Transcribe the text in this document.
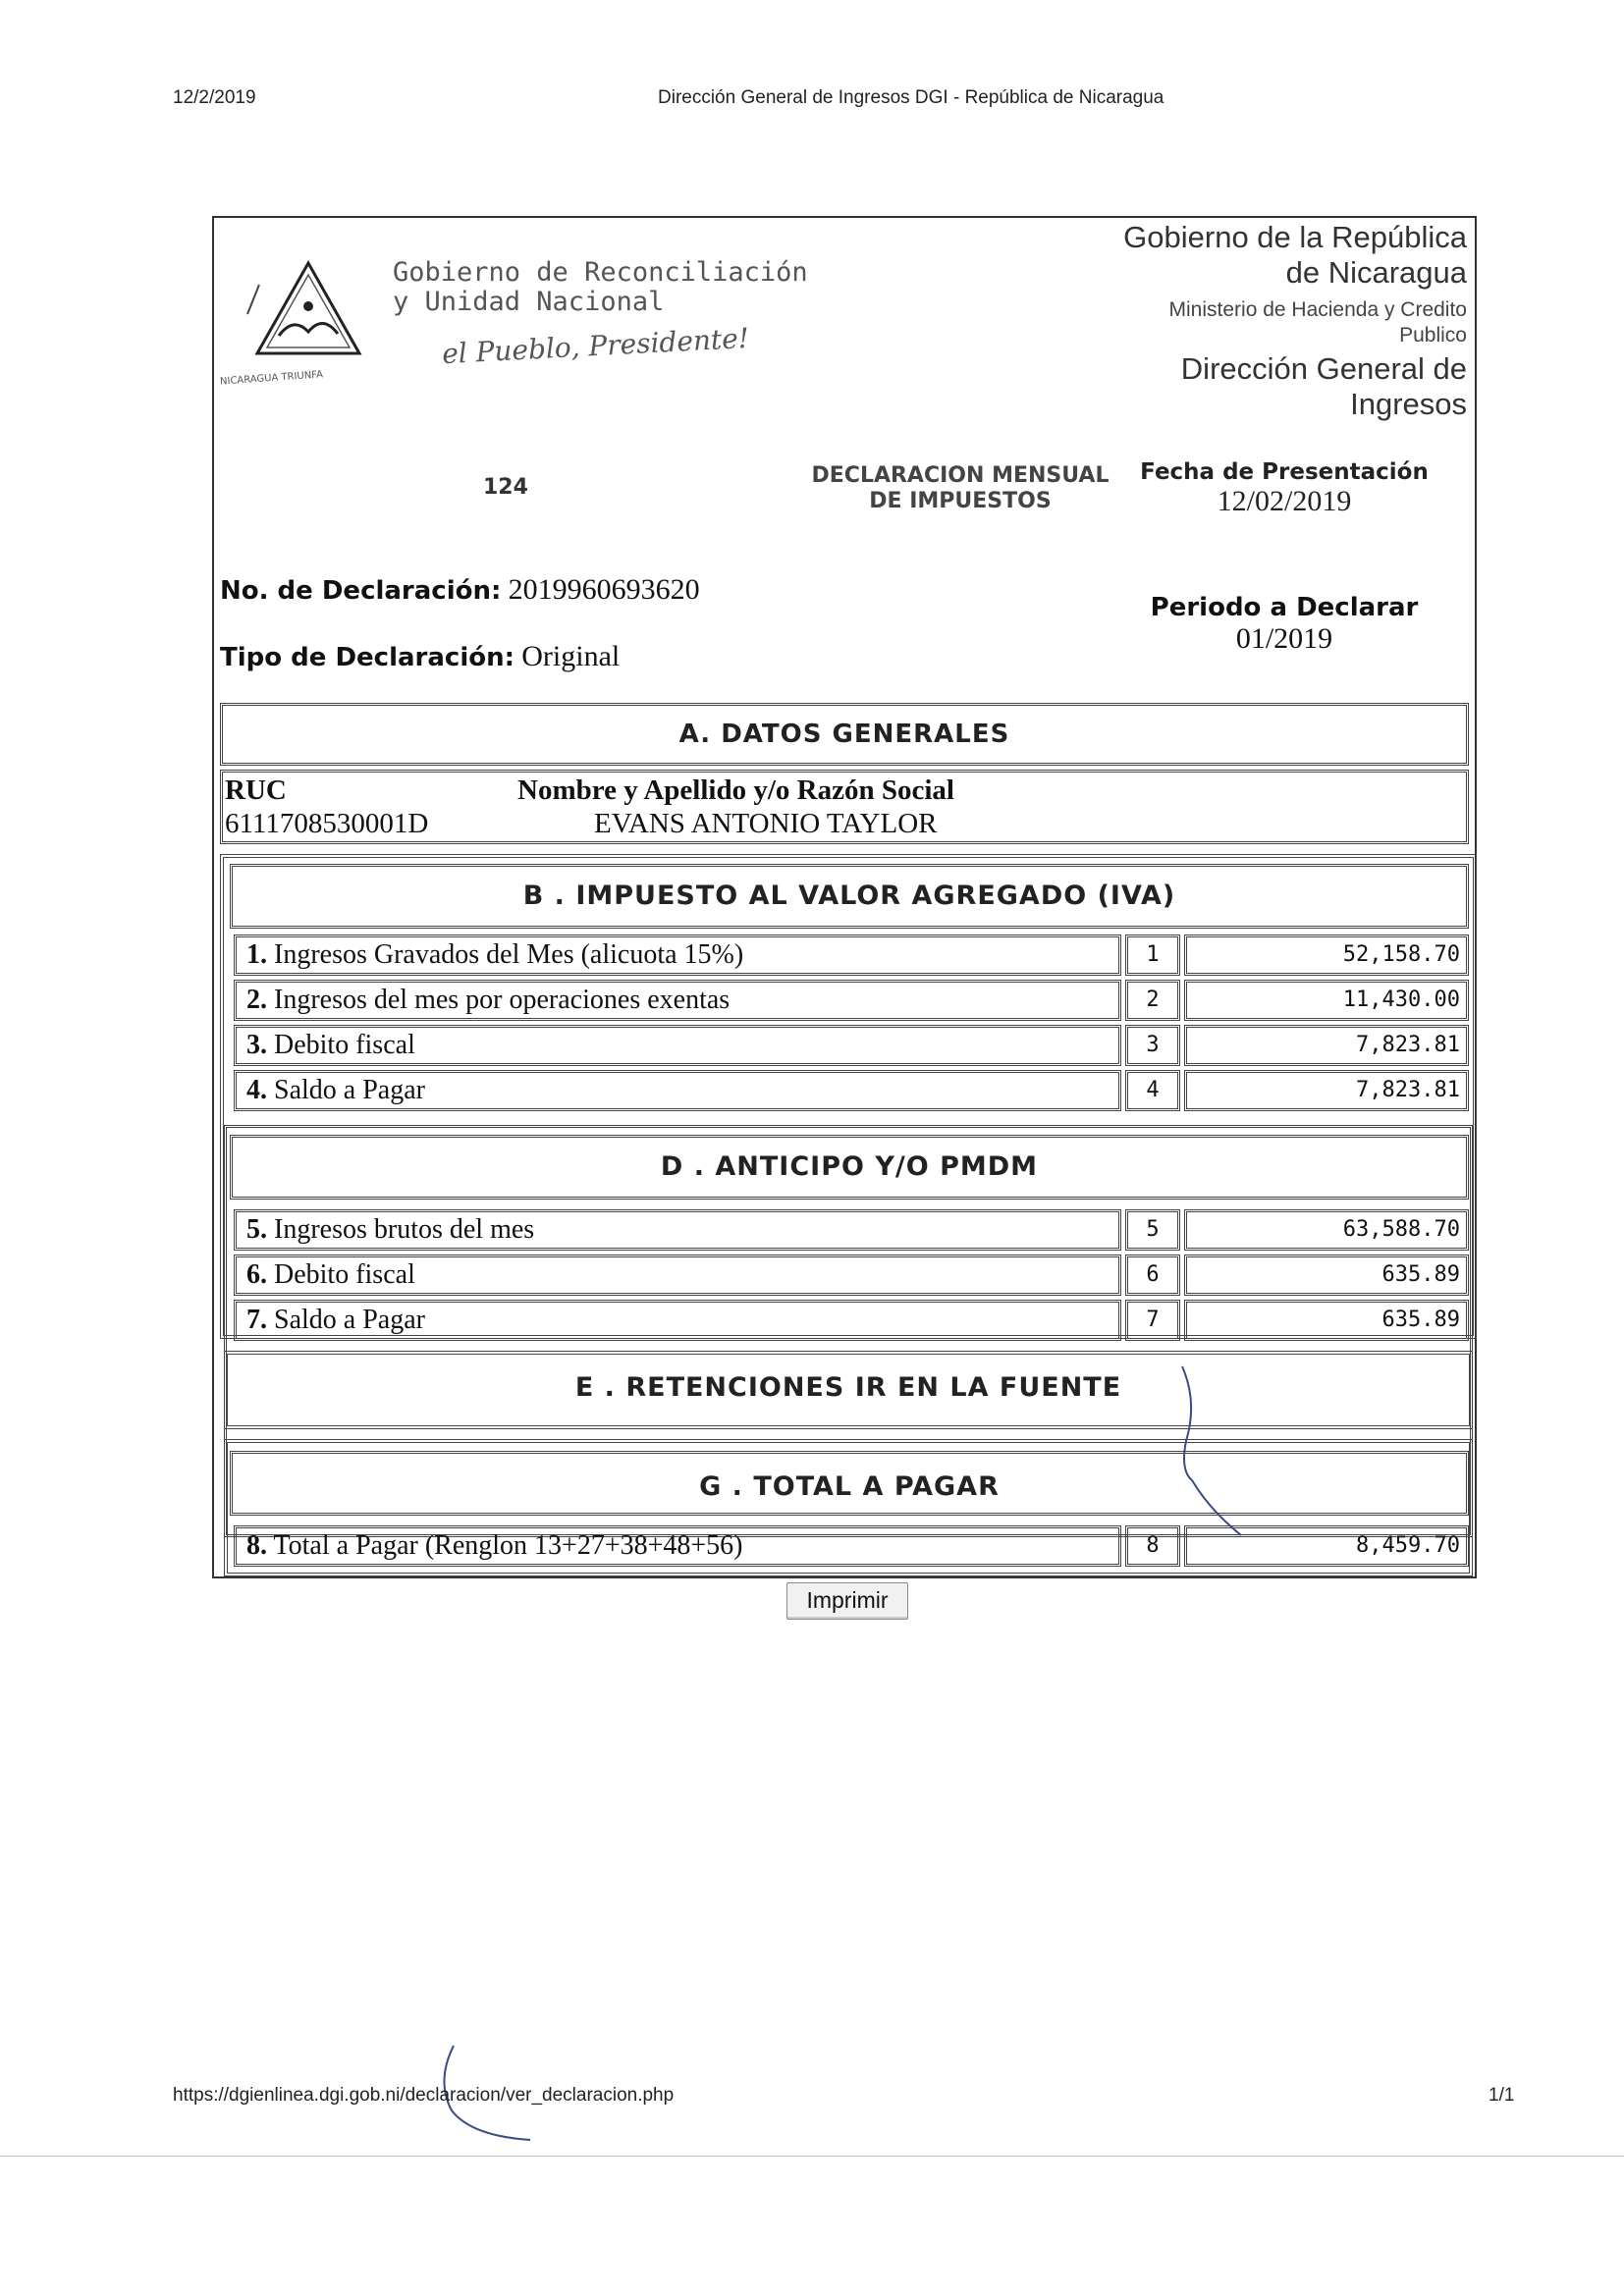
12/2/2019	Dirección General de Ingresos DGI - República de Nicaragua
NICARAGUA TRIUNFA
Gobierno de Reconciliación
y Unidad Nacional
el Pueblo, Presidente!
Gobierno de la República
de Nicaragua
Ministerio de Hacienda y Credito
Publico
Dirección General de
Ingresos
124	DECLARACION MENSUAL
DE IMPUESTOS
Fecha de Presentación
12/02/2019
No. de Declaración: 2019960693620
Periodo a Declarar
01/2019
Tipo de Declaración: Original
A. DATOS GENERALES
RUC
6111708530001D
Nombre y Apellido y/o Razón Social
EVANS ANTONIO TAYLOR
B . IMPUESTO AL VALOR AGREGADO (IVA)
1. Ingresos Gravados del Mes (alicuota 15%)	1	52,158.70
2. Ingresos del mes por operaciones exentas	2	11,430.00
3. Debito fiscal	3	7,823.81
4. Saldo a Pagar	4	7,823.81
D . ANTICIPO Y/O PMDM
5. Ingresos brutos del mes	5	63,588.70
6. Debito fiscal	6	635.89
7. Saldo a Pagar	7	635.89
E . RETENCIONES IR EN LA FUENTE
G . TOTAL A PAGAR
8. Total a Pagar (Renglon 13+27+38+48+56)	8	8,459.70
Imprimir
https://dgienlinea.dgi.gob.ni/declaracion/ver_declaracion.php	1/1
